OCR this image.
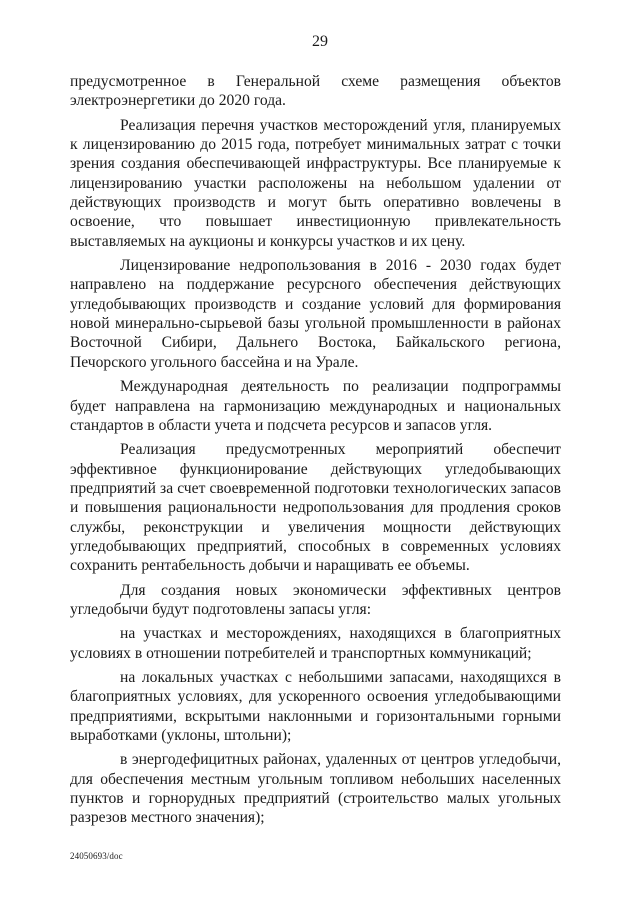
29

предусмотренное в Генеральной схеме размещения объектов электроэнергетики до 2020 года.

Реализация перечня участков месторождений угля, планируемых к лицензированию до 2015 года, потребует минимальных затрат с точки зрения создания обеспечивающей инфраструктуры. Все планируемые к лицензированию участки расположены на небольшом удалении от действующих производств и могут быть оперативно вовлечены в освоение, что повышает инвестиционную привлекательность выставляемых на аукционы и конкурсы участков и их цену.

Лицензирование недропользования в 2016 - 2030 годах будет направлено на поддержание ресурсного обеспечения действующих угледобывающих производств и создание условий для формирования новой минерально-сырьевой базы угольной промышленности в районах Восточной Сибири, Дальнего Востока, Байкальского региона, Печорского угольного бассейна и на Урале.

Международная деятельность по реализации подпрограммы будет направлена на гармонизацию международных и национальных стандартов в области учета и подсчета ресурсов и запасов угля.

Реализация предусмотренных мероприятий обеспечит эффективное функционирование действующих угледобывающих предприятий за счет своевременной подготовки технологических запасов и повышения рациональности недропользования для продления сроков службы, реконструкции и увеличения мощности действующих угледобывающих предприятий, способных в современных условиях сохранить рентабельность добычи и наращивать ее объемы.

Для создания новых экономически эффективных центров угледобычи будут подготовлены запасы угля:

на участках и месторождениях, находящихся в благоприятных условиях в отношении потребителей и транспортных коммуникаций;

на локальных участках с небольшими запасами, находящихся в благоприятных условиях, для ускоренного освоения угледобывающими предприятиями, вскрытыми наклонными и горизонтальными горными выработками (уклоны, штольни);

в энергодефицитных районах, удаленных от центров угледобычи, для обеспечения местным угольным топливом небольших населенных пунктов и горнорудных предприятий (строительство малых угольных разрезов местного значения);

24050693/doc
